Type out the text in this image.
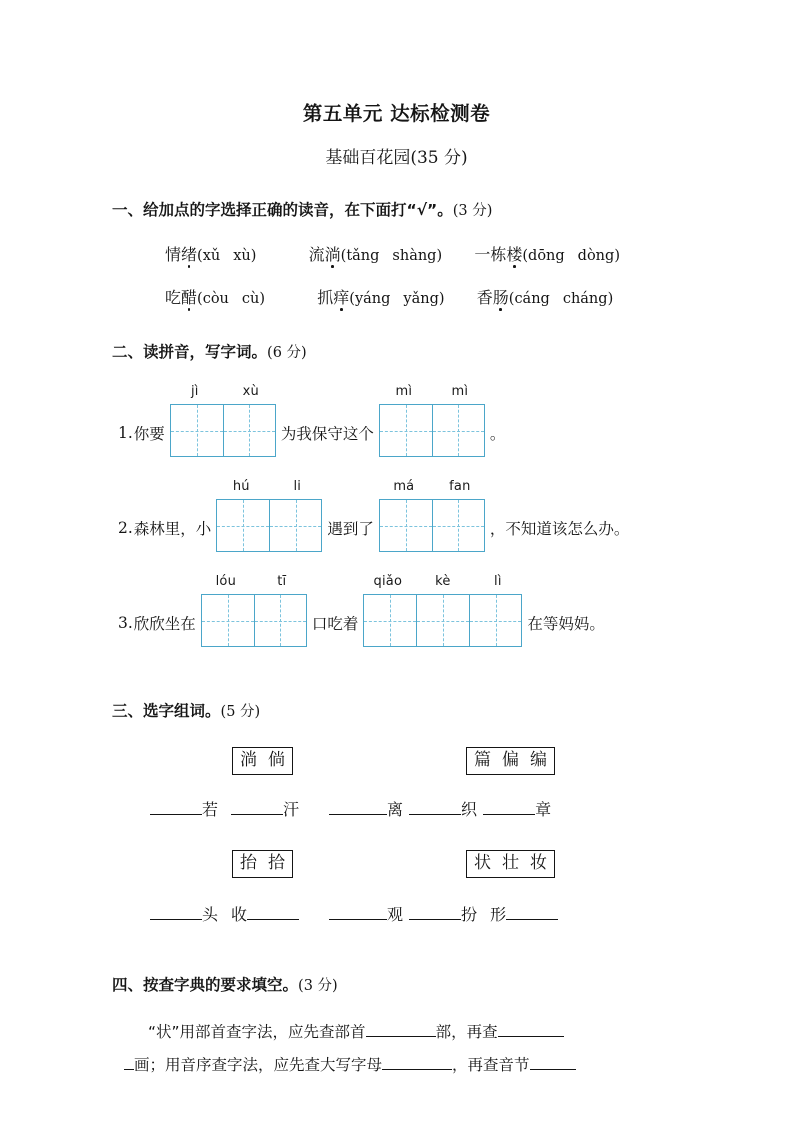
第五单元 达标检测卷
基础百花园(35 分)
一、给加点的字选择正确的读音，在下面打“√”。(3 分)
情绪(xǔ xù)	流淌(tǎng shàng) 一栋楼(dōng dòng)
吃醋(còu cù)	抓痒(yáng yǎng) 香肠(cáng cháng)
二、读拼音，写字词。(6 分)
1. 你要
jì	xù
为我保守这个
mì	mì
。
2. 森林里，小
hú	li
遇到了
má	fan
，不知道该怎么办。
3. 欣欣坐在
lóu	tī
口吃着
qiǎo	kè	lì
在等妈妈。
三、选字组词。(5 分)
淌 倘	篇 偏 编
若	汗	离	织	章
抬 拾	状 壮 妆
头 收	观	扮 形
四、按查字典的要求填空。(3 分)
“状”用部首查字法，应先查部首	部，再查
画；用音序查字法，应先查大写字母	，再查音节
